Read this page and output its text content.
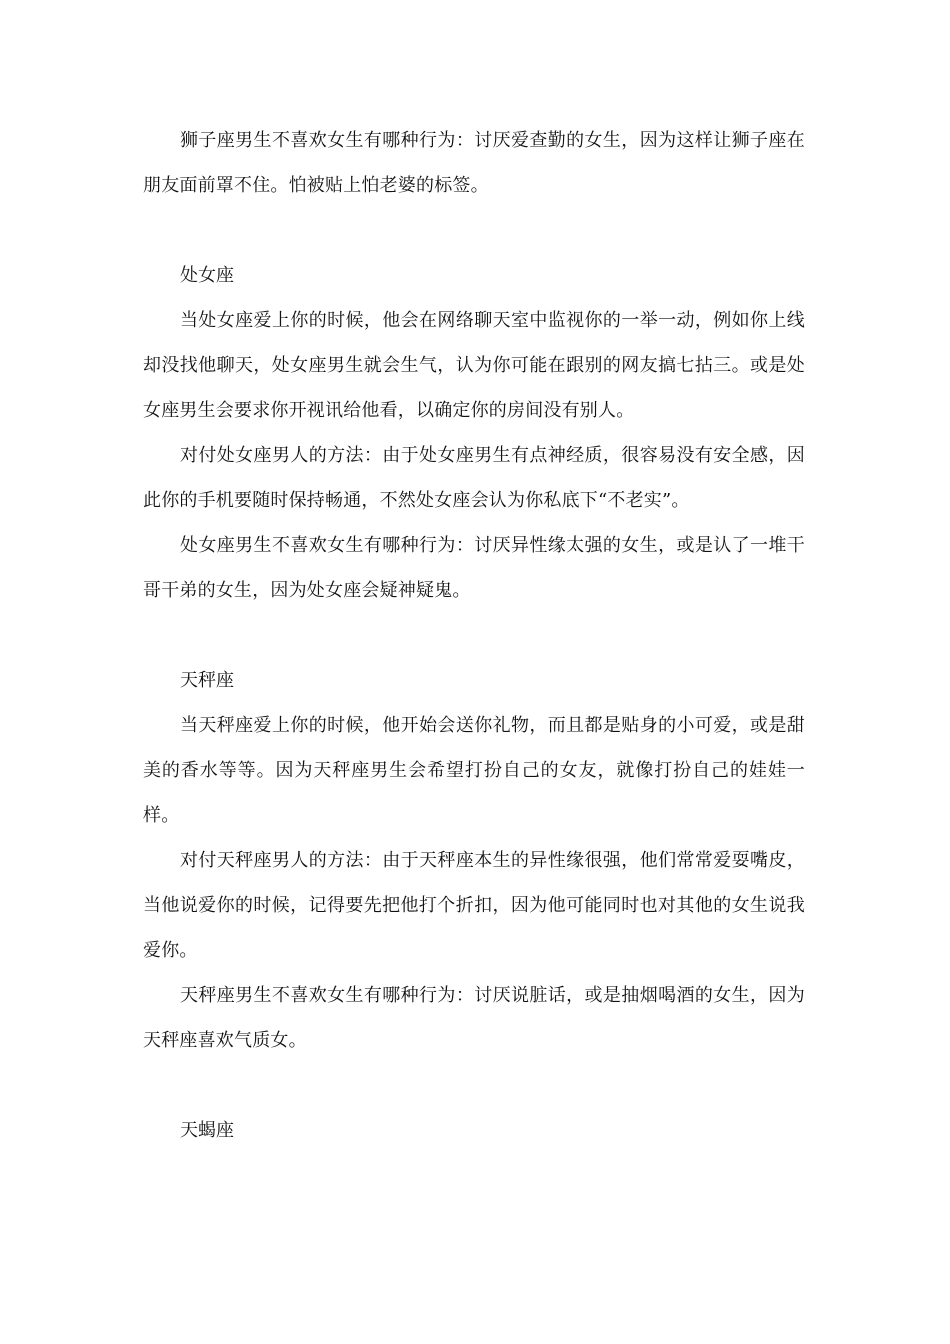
狮子座男生不喜欢女生有哪种行为：讨厌爱查勤的女生，因为这样让狮子座在朋友面前罩不住。怕被贴上怕老婆的标签。

处女座

当处女座爱上你的时候，他会在网络聊天室中监视你的一举一动，例如你上线却没找他聊天，处女座男生就会生气，认为你可能在跟别的网友搞七拈三。或是处女座男生会要求你开视讯给他看，以确定你的房间没有别人。

对付处女座男人的方法：由于处女座男生有点神经质，很容易没有安全感，因此你的手机要随时保持畅通，不然处女座会认为你私底下“不老实”。

处女座男生不喜欢女生有哪种行为：讨厌异性缘太强的女生，或是认了一堆干哥干弟的女生，因为处女座会疑神疑鬼。

天秤座

当天秤座爱上你的时候，他开始会送你礼物，而且都是贴身的小可爱，或是甜美的香水等等。因为天秤座男生会希望打扮自己的女友，就像打扮自己的娃娃一样。

对付天秤座男人的方法：由于天秤座本生的异性缘很强，他们常常爱耍嘴皮，当他说爱你的时候，记得要先把他打个折扣，因为他可能同时也对其他的女生说我爱你。

天秤座男生不喜欢女生有哪种行为：讨厌说脏话，或是抽烟喝酒的女生，因为天秤座喜欢气质女。

天蝎座
